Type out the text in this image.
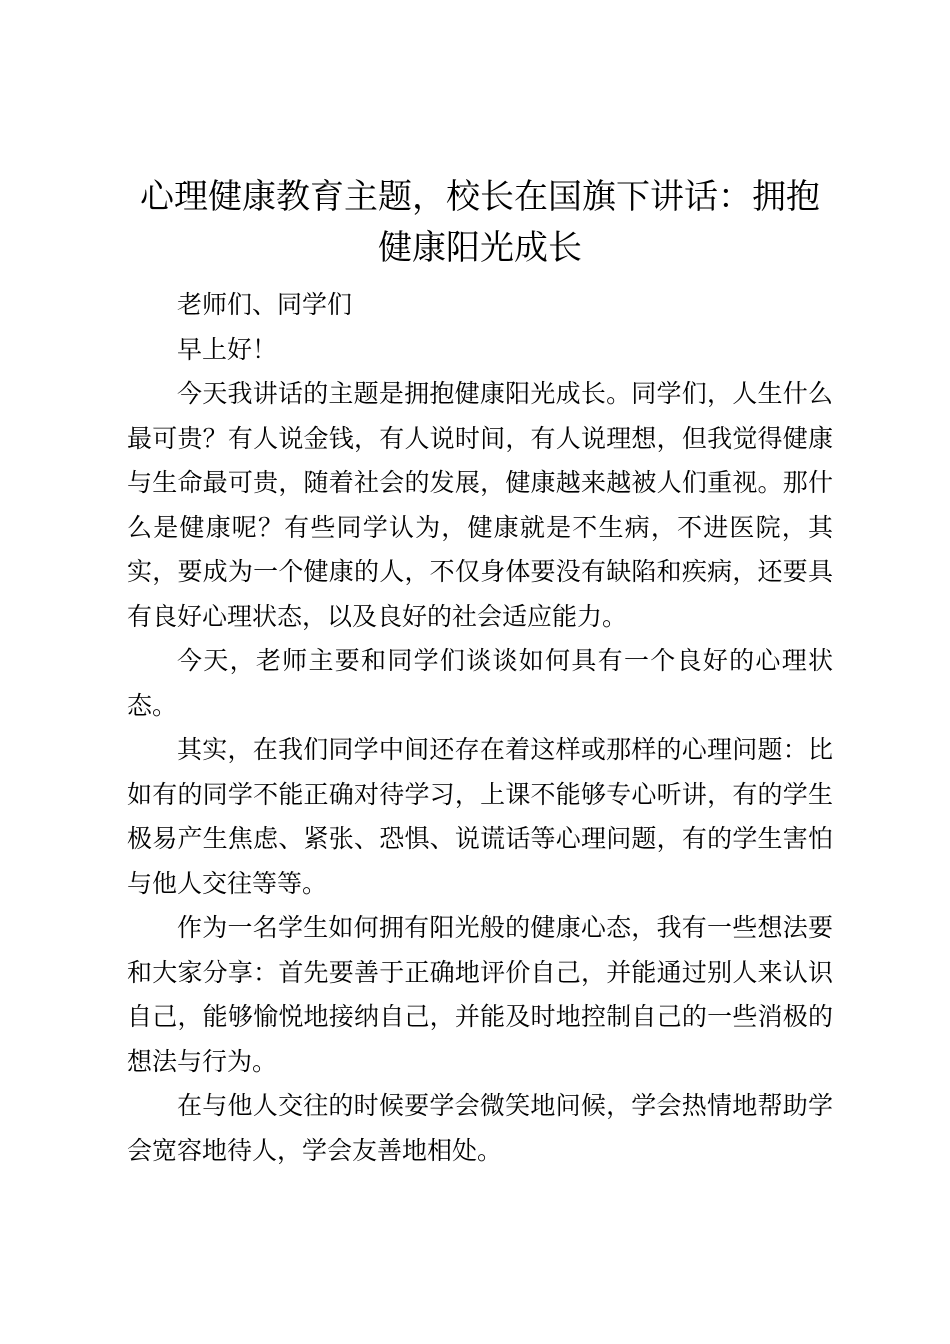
心理健康教育主题，校长在国旗下讲话：拥抱健康阳光成长

老师们、同学们

早上好！

今天我讲话的主题是拥抱健康阳光成长。同学们，人生什么最可贵？有人说金钱，有人说时间，有人说理想，但我觉得健康与生命最可贵，随着社会的发展，健康越来越被人们重视。那什么是健康呢？有些同学认为，健康就是不生病，不进医院，其实，要成为一个健康的人，不仅身体要没有缺陷和疾病，还要具有良好心理状态，以及良好的社会适应能力。

今天，老师主要和同学们谈谈如何具有一个良好的心理状态。

其实，在我们同学中间还存在着这样或那样的心理问题：比如有的同学不能正确对待学习，上课不能够专心听讲，有的学生极易产生焦虑、紧张、恐惧、说谎话等心理问题，有的学生害怕与他人交往等等。

作为一名学生如何拥有阳光般的健康心态，我有一些想法要和大家分享：首先要善于正确地评价自己，并能通过别人来认识自己，能够愉悦地接纳自己，并能及时地控制自己的一些消极的想法与行为。

在与他人交往的时候要学会微笑地问候，学会热情地帮助学会宽容地待人，学会友善地相处。
